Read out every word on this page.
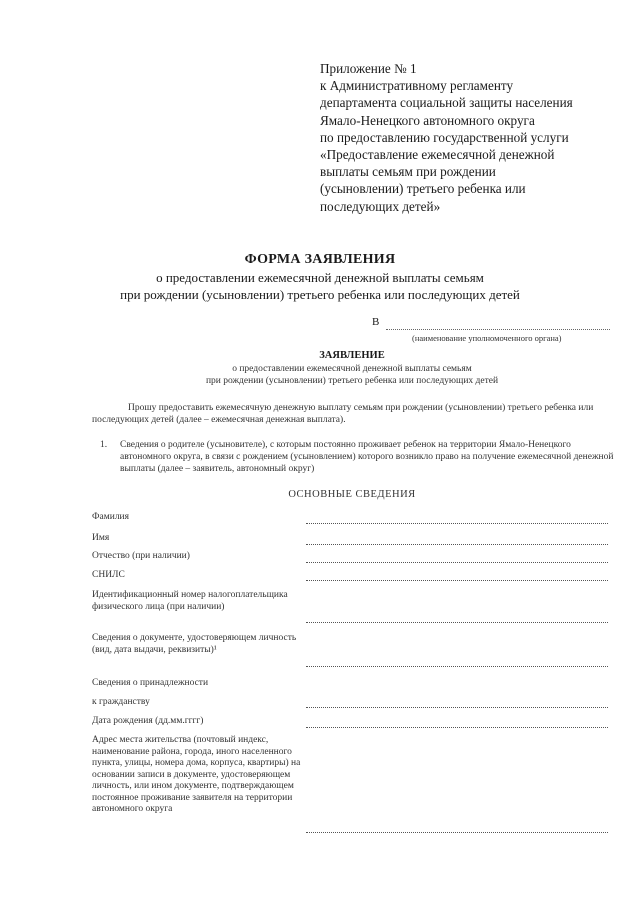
Приложение № 1
к Административному регламенту
департамента социальной защиты населения
Ямало-Ненецкого автономного округа
по предоставлению государственной услуги
«Предоставление ежемесячной денежной
выплаты семьям при рождении
(усыновлении) третьего ребенка или
последующих детей»
ФОРМА ЗАЯВЛЕНИЯ
о предоставлении ежемесячной денежной выплаты семьям
при рождении (усыновлении) третьего ребенка или последующих детей
В
(наименование уполномоченного органа)
ЗАЯВЛЕНИЕ
о предоставлении ежемесячной денежной выплаты семьям
при рождении (усыновлении) третьего ребенка или последующих детей
Прошу предоставить ежемесячную денежную выплату семьям при рождении (усыновлении) третьего ребенка или последующих детей (далее – ежемесячная денежная выплата).
1. Сведения о родителе (усыновителе), с которым постоянно проживает ребенок на территории Ямало-Ненецкого автономного округа, в связи с рождением (усыновлением) которого возникло право на получение ежемесячной денежной выплаты (далее – заявитель, автономный округ)
ОСНОВНЫЕ СВЕДЕНИЯ
Фамилия
Имя
Отчество (при наличии)
СНИЛС
Идентификационный номер налогоплательщика физического лица (при наличии)
Сведения о документе, удостоверяющем личность (вид, дата выдачи, реквизиты)¹
Сведения о принадлежности
к гражданству
Дата рождения (дд.мм.гггг)
Адрес места жительства (почтовый индекс, наименование района, города, иного населенного пункта, улицы, номера дома, корпуса, квартиры) на основании записи в документе, удостоверяющем личность, или ином документе, подтверждающем постоянное проживание заявителя на территории автономного округа
